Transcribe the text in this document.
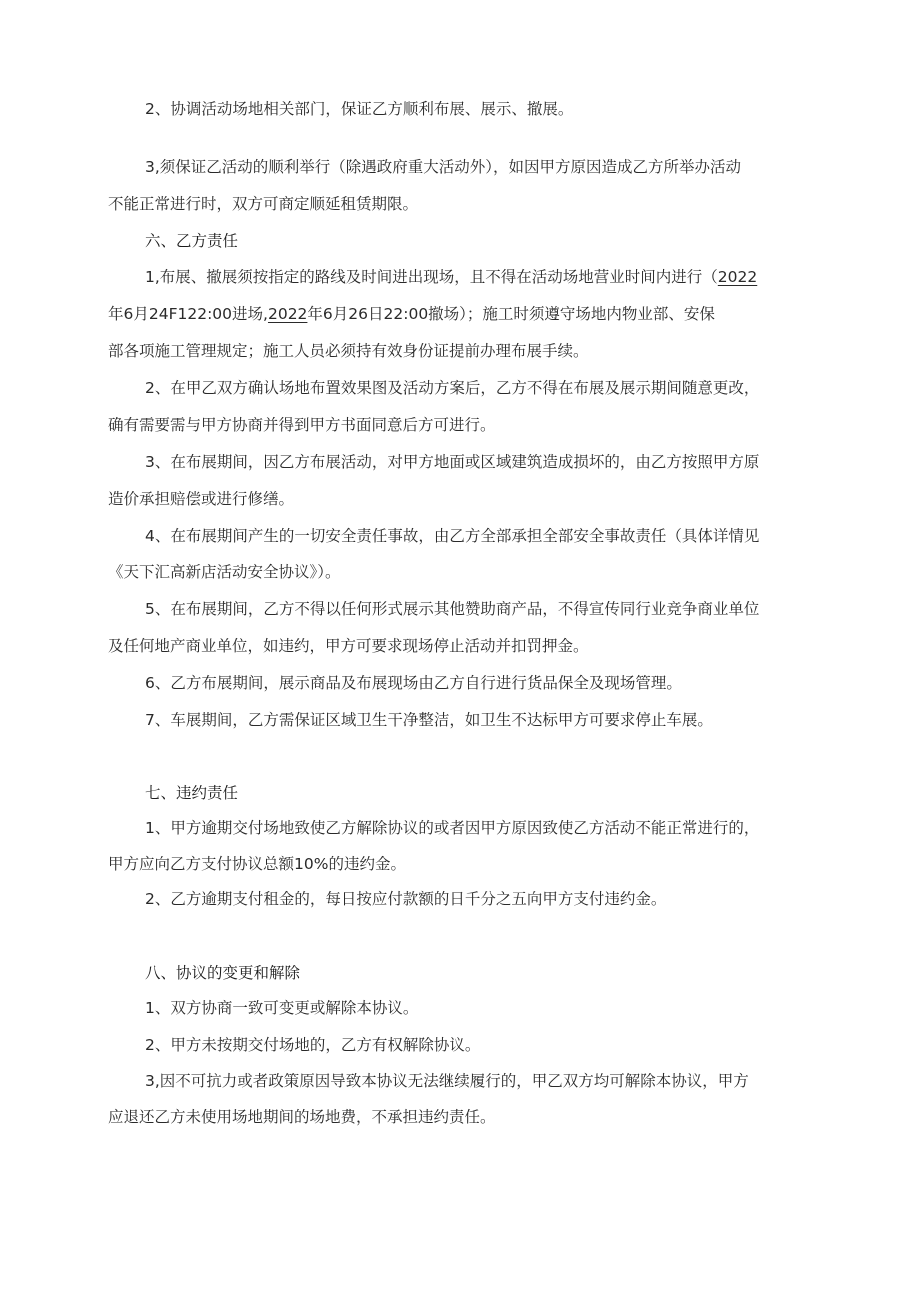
2、协调活动场地相关部门，保证乙方顺利布展、展示、撤展。
3,须保证乙活动的顺利举行（除遇政府重大活动外），如因甲方原因造成乙方所举办活动
不能正常进行时，双方可商定顺延租赁期限。
六、乙方责任
1,布展、撤展须按指定的路线及时间进出现场，且不得在活动场地营业时间内进行（2022
年6月24F122:00进场,2022年6月26日22:00撤场）；施工时须遵守场地内物业部、安保
部各项施工管理规定；施工人员必须持有效身份证提前办理布展手续。
2、在甲乙双方确认场地布置效果图及活动方案后，乙方不得在布展及展示期间随意更改，
确有需要需与甲方协商并得到甲方书面同意后方可进行。
3、在布展期间，因乙方布展活动，对甲方地面或区域建筑造成损坏的，由乙方按照甲方原
造价承担赔偿或进行修缮。
4、在布展期间产生的一切安全责任事故，由乙方全部承担全部安全事故责任（具体详情见
《天下汇高新店活动安全协议》）。
5、在布展期间，乙方不得以任何形式展示其他赞助商产品，不得宣传同行业竞争商业单位
及任何地产商业单位，如违约，甲方可要求现场停止活动并扣罚押金。
6、乙方布展期间，展示商品及布展现场由乙方自行进行货品保全及现场管理。
7、车展期间，乙方需保证区域卫生干净整洁，如卫生不达标甲方可要求停止车展。
七、违约责任
1、甲方逾期交付场地致使乙方解除协议的或者因甲方原因致使乙方活动不能正常进行的，
甲方应向乙方支付协议总额10%的违约金。
2、乙方逾期支付租金的，每日按应付款额的日千分之五向甲方支付违约金。
八、协议的变更和解除
1、双方协商一致可变更或解除本协议。
2、甲方未按期交付场地的，乙方有权解除协议。
3,因不可抗力或者政策原因导致本协议无法继续履行的，甲乙双方均可解除本协议，甲方
应退还乙方未使用场地期间的场地费，不承担违约责任。
